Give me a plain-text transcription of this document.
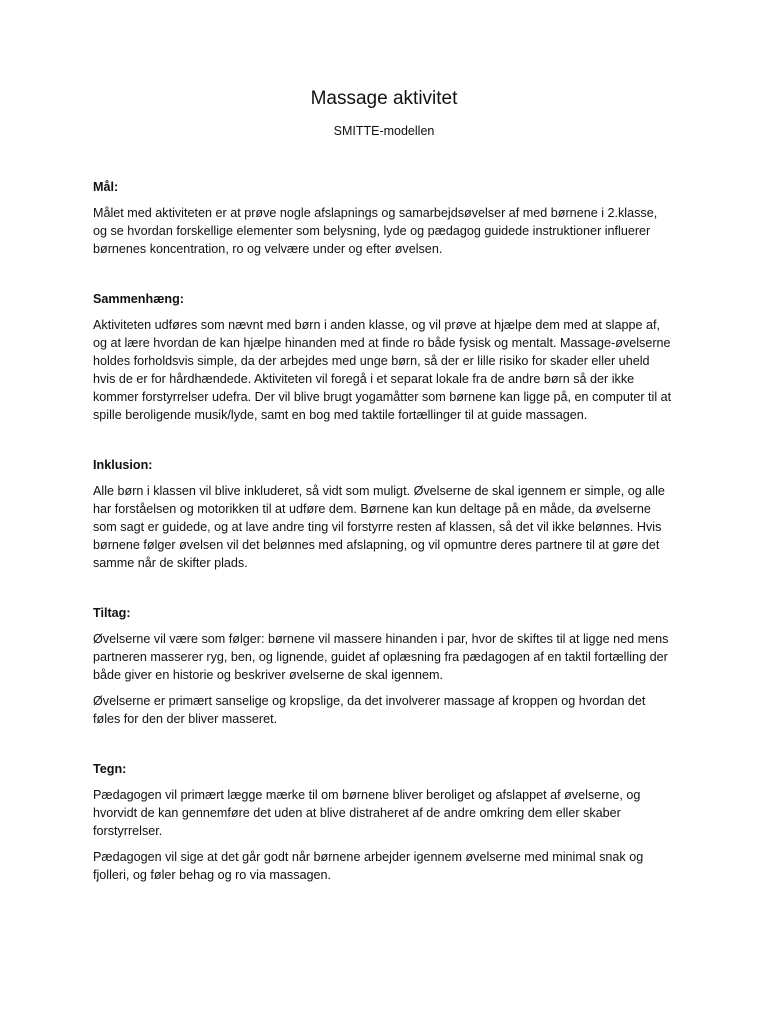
Massage aktivitet
SMITTE-modellen

Mål:

Målet med aktiviteten er at prøve nogle afslapnings og samarbejdsøvelser af med børnene i 2.klasse, og se hvordan forskellige elementer som belysning, lyde og pædagog guidede instruktioner influerer børnenes koncentration, ro og velvære under og efter øvelsen.

Sammenhæng:

Aktiviteten udføres som nævnt med børn i anden klasse, og vil prøve at hjælpe dem med at slappe af, og at lære hvordan de kan hjælpe hinanden med at finde ro både fysisk og mentalt. Massage-øvelserne holdes forholdsvis simple, da der arbejdes med unge børn, så der er lille risiko for skader eller uheld hvis de er for hårdhændede. Aktiviteten vil foregå i et separat lokale fra de andre børn så der ikke kommer forstyrrelser udefra. Der vil blive brugt yogamåtter som børnene kan ligge på, en computer til at spille beroligende musik/lyde, samt en bog med taktile fortællinger til at guide massagen.

Inklusion:

Alle børn i klassen vil blive inkluderet, så vidt som muligt. Øvelserne de skal igennem er simple, og alle har forståelsen og motorikken til at udføre dem. Børnene kan kun deltage på en måde, da øvelserne som sagt er guidede, og at lave andre ting vil forstyrre resten af klassen, så det vil ikke belønnes. Hvis børnene følger øvelsen vil det belønnes med afslapning, og vil opmuntre deres partnere til at gøre det samme når de skifter plads.

Tiltag:

Øvelserne vil være som følger: børnene vil massere hinanden i par, hvor de skiftes til at ligge ned mens partneren masserer ryg, ben, og lignende, guidet af oplæsning fra pædagogen af en taktil fortælling der både giver en historie og beskriver øvelserne de skal igennem.

Øvelserne er primært sanselige og kropslige, da det involverer massage af kroppen og hvordan det føles for den der bliver masseret.

Tegn:

Pædagogen vil primært lægge mærke til om børnene bliver beroliget og afslappet af øvelserne, og hvorvidt de kan gennemføre det uden at blive distraheret af de andre omkring dem eller skaber forstyrrelser.

Pædagogen vil sige at det går godt når børnene arbejder igennem øvelserne med minimal snak og fjolleri, og føler behag og ro via massagen.
